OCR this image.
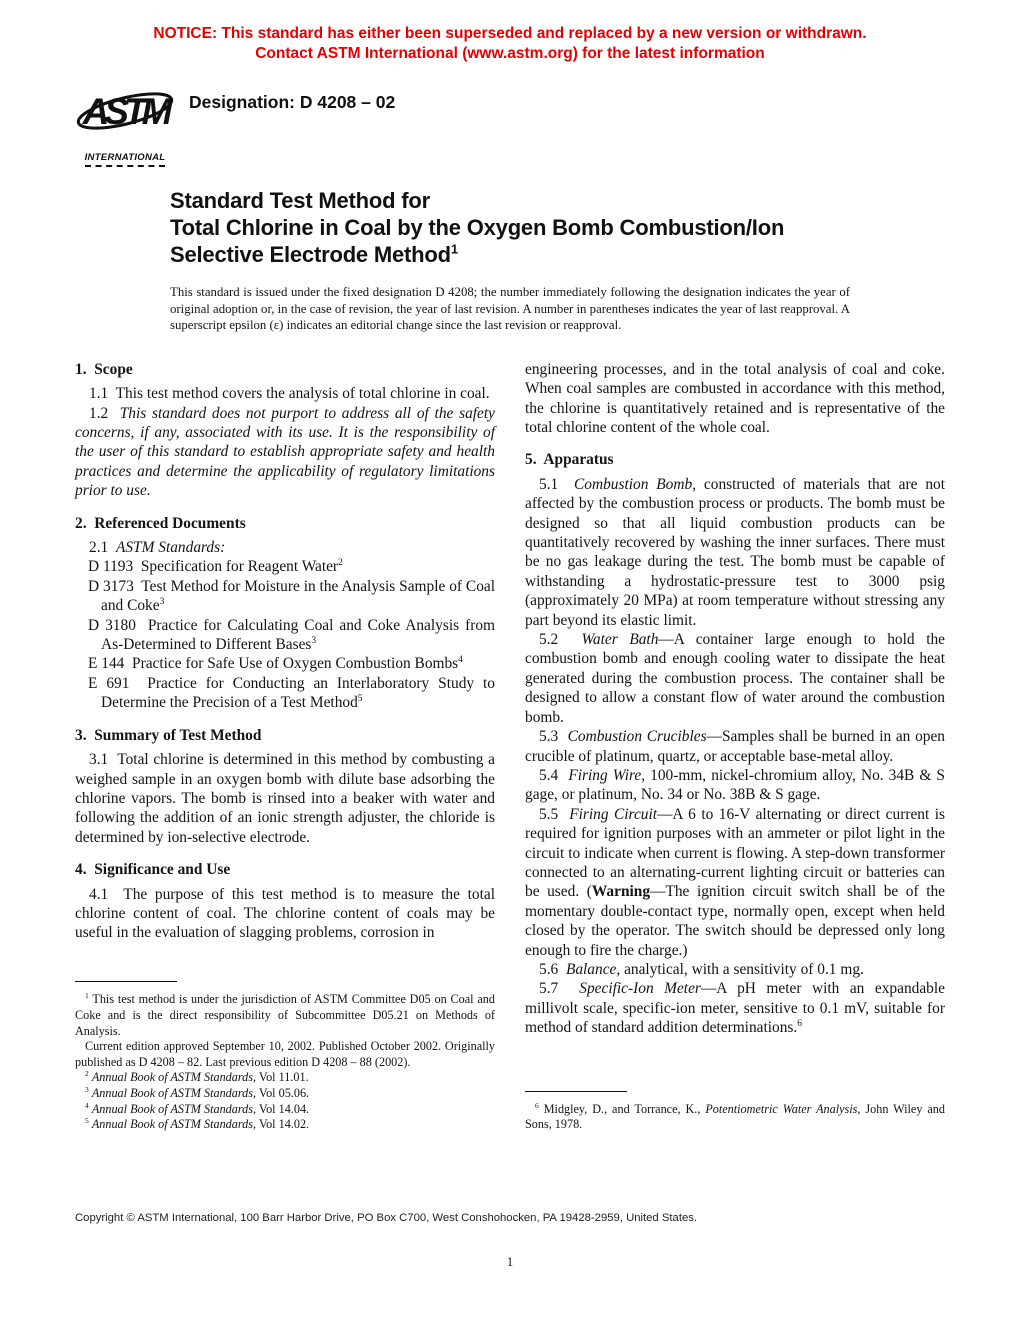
NOTICE: This standard has either been superseded and replaced by a new version or withdrawn.
Contact ASTM International (www.astm.org) for the latest information
ASTM
INTERNATIONAL
Designation: D 4208 – 02
Standard Test Method for
Total Chlorine in Coal by the Oxygen Bomb Combustion/Ion
Selective Electrode Method$^1$

This standard is issued under the fixed designation D 4208; the number immediately following the designation indicates the year of original adoption or, in the case of revision, the year of last revision. A number in parentheses indicates the year of last reapproval. A superscript epsilon (ε) indicates an editorial change since the last revision or reapproval.

1.  Scope

1.1  This test method covers the analysis of total chlorine in coal.

1.2  This standard does not purport to address all of the safety concerns, if any, associated with its use. It is the responsibility of the user of this standard to establish appropriate safety and health practices and determine the applicability of regulatory limitations prior to use.

2.  Referenced Documents

2.1  ASTM Standards:

D 1193  Specification for Reagent Water$^2$

D 3173  Test Method for Moisture in the Analysis Sample of Coal and Coke$^3$

D 3180  Practice for Calculating Coal and Coke Analysis from As-Determined to Different Bases$^3$

E 144  Practice for Safe Use of Oxygen Combustion Bombs$^4$

E 691  Practice for Conducting an Interlaboratory Study to Determine the Precision of a Test Method$^5$

3.  Summary of Test Method

3.1  Total chlorine is determined in this method by combusting a weighed sample in an oxygen bomb with dilute base adsorbing the chlorine vapors. The bomb is rinsed into a beaker with water and following the addition of an ionic strength adjuster, the chloride is determined by ion-selective electrode.

4.  Significance and Use

4.1  The purpose of this test method is to measure the total chlorine content of coal. The chlorine content of coals may be useful in the evaluation of slagging problems, corrosion in

$^1$ This test method is under the jurisdiction of ASTM Committee D05 on Coal and Coke and is the direct responsibility of Subcommittee D05.21 on Methods of Analysis.

Current edition approved September 10, 2002. Published October 2002. Originally published as D 4208 – 82. Last previous edition D 4208 – 88 (2002).

$^2$ Annual Book of ASTM Standards, Vol 11.01.

$^3$ Annual Book of ASTM Standards, Vol 05.06.

$^4$ Annual Book of ASTM Standards, Vol 14.04.

$^5$ Annual Book of ASTM Standards, Vol 14.02.

engineering processes, and in the total analysis of coal and coke. When coal samples are combusted in accordance with this method, the chlorine is quantitatively retained and is representative of the total chlorine content of the whole coal.

5.  Apparatus

5.1  Combustion Bomb, constructed of materials that are not affected by the combustion process or products. The bomb must be designed so that all liquid combustion products can be quantitatively recovered by washing the inner surfaces. There must be no gas leakage during the test. The bomb must be capable of withstanding a hydrostatic-pressure test to 3000 psig (approximately 20 MPa) at room temperature without stressing any part beyond its elastic limit.

5.2  Water Bath—A container large enough to hold the combustion bomb and enough cooling water to dissipate the heat generated during the combustion process. The container shall be designed to allow a constant flow of water around the combustion bomb.

5.3  Combustion Crucibles—Samples shall be burned in an open crucible of platinum, quartz, or acceptable base-metal alloy.

5.4  Firing Wire, 100-mm, nickel-chromium alloy, No. 34B & S gage, or platinum, No. 34 or No. 38B & S gage.

5.5  Firing Circuit—A 6 to 16-V alternating or direct current is required for ignition purposes with an ammeter or pilot light in the circuit to indicate when current is flowing. A step-down transformer connected to an alternating-current lighting circuit or batteries can be used. (Warning—The ignition circuit switch shall be of the momentary double-contact type, normally open, except when held closed by the operator. The switch should be depressed only long enough to fire the charge.)

5.6  Balance, analytical, with a sensitivity of 0.1 mg.

5.7  Specific-Ion Meter—A pH meter with an expandable millivolt scale, specific-ion meter, sensitive to 0.1 mV, suitable for method of standard addition determinations.$^6$

$^6$ Midgley, D., and Torrance, K., Potentiometric Water Analysis, John Wiley and Sons, 1978.

Copyright © ASTM International, 100 Barr Harbor Drive, PO Box C700, West Conshohocken, PA 19428-2959, United States.
1
